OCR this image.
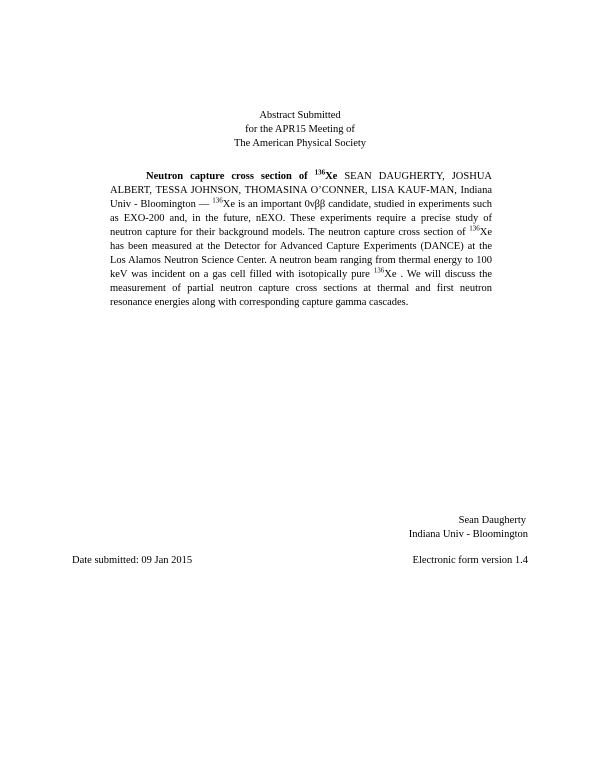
Abstract Submitted
for the APR15 Meeting of
The American Physical Society
Neutron capture cross section of $^{136}$Xe SEAN DAUGHERTY, JOSHUA ALBERT, TESSA JOHNSON, THOMASINA O’CONNER, LISA KAUF-MAN, Indiana Univ - Bloomington — $^{136}$Xe is an important 0νββ candidate, studied in experiments such as EXO-200 and, in the future, nEXO. These experiments require a precise study of neutron capture for their background models. The neutron capture cross section of $^{136}$Xe has been measured at the Detector for Advanced Capture Experiments (DANCE) at the Los Alamos Neutron Science Center. A neutron beam ranging from thermal energy to 100 keV was incident on a gas cell filled with isotopically pure $^{136}$Xe . We will discuss the measurement of partial neutron capture cross sections at thermal and first neutron resonance energies along with corresponding capture gamma cascades.
Sean Daugherty
Indiana Univ - Bloomington
Date submitted: 09 Jan 2015	Electronic form version 1.4
